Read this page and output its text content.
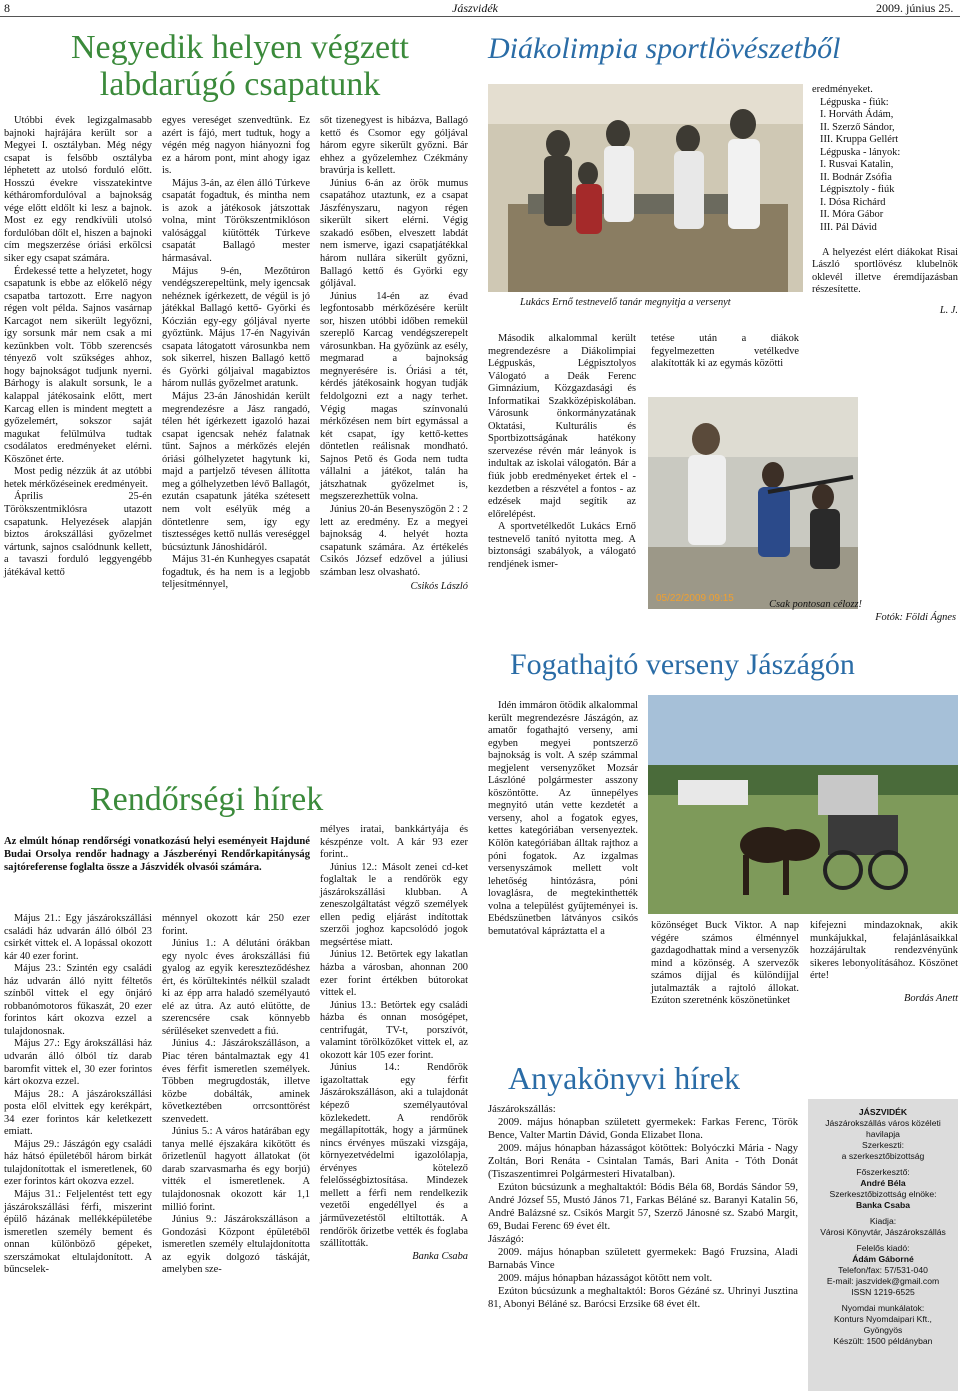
8	Jászvidék	2009. június 25.
Negyedik helyen végzett labdarúgó csapatunk

Utóbbi évek legizgalmasabb bajnoki hajrájára került sor a Megyei I. osztályban. Még négy csapat is felsőbb osztályba léphetett az utolsó forduló előtt. Hosszú évekre visszatekintve kétháromfordulóval a bajnokság vége előtt eldőlt ki lesz a bajnok. Most ez egy rendkívüli utolsó fordulóban dőlt el, hiszen a bajnoki cím megszerzése óriási erkölcsi siker egy csapat számára.

Érdekessé tette a helyzetet, hogy csapatunk is ebbe az előkelő négy csapatba tartozott. Erre nagyon régen volt példa. Sajnos vasárnap Karcagot nem sikerült legyőzni, így sorsunk már nem csak a mi kezünkben volt. Több szerencsés tényező volt szükséges ahhoz, hogy bajnokságot tudjunk nyerni. Bárhogy is alakult sorsunk, le a kalappal játékosaink előtt, mert Karcag ellen is mindent megtett a győzelemért, sokszor saját magukat felülmúlva tudtak csodálatos eredményeket elérni. Köszönet érte.

Most pedig nézzük át az utóbbi hetek mérkőzéseinek eredményeit.

Április 25-én Törökszentmiklósra utazott csapatunk. Helyezések alapján biztos árokszállási győzelmet vártunk, sajnos csalódnunk kellett, a tavaszi forduló leggyengébb játékával kettő

egyes vereséget szenvedtünk. Ez azért is fájó, mert tudtuk, hogy a végén még nagyon hiányozni fog ez a három pont, mint ahogy igaz is.

Május 3-án, az élen álló Túrkeve csapatát fogadtuk, és mintha nem is azok a játékosok játszottak volna, mint Törökszentmiklóson valósággal kiütötték Túrkeve csapatát Ballagó mester hármasával.

Május 9-én, Mezőtúron vendégszerepeltünk, mely igencsak nehéznek ígérkezett, de végül is jó játékkal Ballagó kettő- Györki és Kóczián egy-egy góljával nyerte győztünk. Május 17-én Nagyiván csapata látogatott városunkba nem sok sikerrel, hiszen Ballagó kettő és Györki góljaival magabiztos három nullás győzelmet aratunk.

Május 23-án Jánoshidán került megrendezésre a Jász rangadó, télen hét ígérkezett igazoló hazai csapat igencsak nehéz falatnak tűnt. Sajnos a mérkőzés elején óriási gólhelyzetet hagytunk ki, majd a partjelző tévesen állította meg a gólhelyzetben lévő Ballagót, ezután csapatunk játéka szétesett nem volt esélyük még a döntetlenre sem, így egy tisztességes kettő nullás vereséggel búcsúztunk Jánoshidáról.

Május 31-én Kunhegyes csapatát fogadtuk, és ha nem is a legjobb teljesítménnyel,

sőt tizenegyest is hibázva, Ballagó kettő és Csomor egy góljával három egyre sikerült győzni. Bár ehhez a győzelemhez Czékmány bravúrja is kellett.

Június 6-án az örök mumus csapatához utaztunk, ez a csapat Jászfényszaru, nagyon régen sikerült sikert elérni. Végig szakadó esőben, elveszett labdát nem ismerve, igazi csapatjátékkal három nullára sikerült győzni, Ballagó kettő és Györki egy góljával.

Június 14-én az évad legfontosabb mérkőzésére került sor, hiszen utóbbi időben remekül szereplő Karcag vendégszerepelt városunkban. Ha győzünk az esély, megmarad a bajnokság megnyerésére is. Óriási a tét, kérdés játékosaink hogyan tudják feldolgozni ezt a nagy terhet. Végig magas színvonalú mérkőzésen nem bírt egymással a két csapat, így kettő-kettes döntetlen reálisnak mondható. Sajnos Pető és Goda nem tudta vállalni a játékot, talán ha játszhatnak győzelmet is, megszerezhettük volna.

Június 20-án Besenyszögön 2 : 2 lett az eredmény. Ez a megyei bajnokság 4. helyét hozta csapatunk számára. Az értékelés Csikós József edzővel a júliusi számban lesz olvasható.

Csikós László
Diákolimpia sportlövészetből
Lukács Ernő testnevelő tanár megnyitja a versenyt

Második alkalommal került megrendezésre a Diákolimpiai Légpuskás, Légpisztolyos Válogató a Deák Ferenc Gimnázium, Közgazdasági és Informatikai Szakközépiskolában. Városunk önkormányzatának Oktatási, Kulturális és Sportbizottságának hatékony szervezése révén már leányok is indultak az iskolai válogatón. Bár a fiúk jobb eredményeket értek el - kezdetben a részvétel a fontos - az edzések majd segítik az előrelépést.

A sportvetélkedőt Lukács Ernő testnevelő tanító nyitotta meg. A biztonsági szabályok, a válogató rendjének ismer-

tetése után a diákok fegyelmezetten vetélkedve alakították ki az egymás közötti

05/22/2009 09:15
Csak pontosan célozz!
Fotók: Földi Ágnes
eredményeket.
Légpuska - fiúk:
I. Horváth Ádám,
II. Szerző Sándor,
III. Kruppa Gellért
Légpuska - lányok:
I. Rusvai Katalin,
II. Bodnár Zsófia
Légpisztoly - fiúk
I. Dósa Richárd
II. Móra Gábor
III. Pál Dávid

A helyezést elért diákokat Risai László sportlövész klubelnök oklevél illetve éremdíjazásban részesítette.

L. J.
Fogathajtó verseny Jászágón

Idén immáron ötödik alkalommal került megrendezésre Jászágón, az amatőr fogathajtó verseny, ami egyben megyei pontszerző bajnokság is volt. A szép számmal megjelent versenyzőket Mozsár Lászlóné polgármester asszony köszöntötte. Az ünnepélyes megnyitó után vette kezdetét a verseny, ahol a fogatok egyes, kettes kategóriában versenyeztek. Kölön kategóriában álltak rajthoz a póni fogatok. Az izgalmas versenyszámok mellett volt lehetőség hintózásra, póni lovaglásra, de megtekinthették volna a települést gyűjteményei is. Ebédszünetben látványos csikós bemutatóval kápráztatta el a

közönséget Buck Viktor. A nap végére számos élménnyel gazdagodhattak mind a versenyzők mind a közönség. A szervezők számos díjjal és különdíjjal jutalmazták a rajtoló állokat. Ezúton szeretnénk köszönetünket

kifejezni mindazoknak, akik munkájukkal, felajánlásaikkal hozzájárultak rendezvényünk sikeres lebonyolításához. Köszönet érte!

Bordás Anett
Rendőrségi hírek
Az elmúlt hónap rendőrségi vonatkozású helyi eseményeit Hajduné Budai Orsolya rendőr hadnagy a Jászberényi Rendőrkapitányság sajtóreferense foglalta össze a Jászvidék olvasói számára.

Május 21.: Egy jászárokszállási családi ház udvarán álló ólból 23 csirkét vittek el. A lopással okozott kár 40 ezer forint.

Május 23.: Szintén egy családi ház udvarán álló nyitt féltetős színből vittek el egy önjáró robbanómotoros fűkaszát, 20 ezer forintos kárt okozva ezzel a tulajdonosnak.

Május 27.: Egy árokszállási ház udvarán álló ólból tíz darab baromfit vittek el, 30 ezer forintos kárt okozva ezzel.

Május 28.: A jászárokszállási posta elől elvittek egy kerékpárt, 34 ezer forintos kár keletkezett emiatt.

Május 29.: Jászágón egy családi ház hátsó épületéből három birkát tulajdonítottak el ismeretlenek, 60 ezer forintos kárt okozva ezzel.

Május 31.: Feljelentést tett egy jászárokszállási férfi, miszerint épülő házának mellékképületébe ismeretlen személy bement és onnan különböző gépeket, szerszámokat eltulajdonított. A bűncselek-

ménnyel okozott kár 250 ezer forint.

Június 1.: A délutáni órákban egy nyolc éves árokszállási fiú gyalog az egyik kereszteződéshez ért, és körültekintés nélkül szaladt ki az épp arra haladó személyautó elé az útra. Az autó elütötte, de szerencsére csak könnyebb sérüléseket szenvedett a fiú.

Június 4.: Jászárokszálláson, a Piac téren bántalmaztak egy 41 éves férfit ismeretlen személyek. Többen megrugdosták, illetve közbe dobálták, aminek következtében orrcsonttörést szenvedett.

Június 5.: A város határában egy tanya mellé éjszakára kikötött és őrizetlenül hagyott állatokat (öt darab szarvasmarha és egy borjú) vitték el ismeretlenek. A tulajdonosnak okozott kár 1,1 millió forint.

Június 9.: Jászárokszálláson a Gondozási Központ épületéből ismeretlen személy eltulajdonította az egyik dolgozó táskáját, amelyben sze-

mélyes iratai, bankkártyája és készpénze volt. A kár 93 ezer forint..

Június 12.: Másolt zenei cd-ket foglaltak le a rendőrök egy jászárokszállási klubban. A zeneszolgáltatást végző személyek ellen pedig eljárást indítottak szerzői joghoz kapcsolódó jogok megsértése miatt.

Június 12. Betörtek egy lakatlan házba a városban, ahonnan 200 ezer forint értékben bútorokat vittek el.

Június 13.: Betörtek egy családi házba és onnan mosógépet, centrifugát, TV-t, porszívót, valamint törölközőket vittek el, az okozott kár 105 ezer forint.

Június 14.: Rendőrök igazoltattak egy férfit Jászárokszálláson, aki a tulajdonát képező személyautóval közlekedett. A rendőrök megállapították, hogy a járműnek nincs érvényes műszaki vizsgája, környezetvédelmi igazolólapja, érvényes kötelező felelősségbiztosítása. Mindezek mellett a férfi nem rendelkezik vezetői engedéllyel és a járművezetéstől eltiltották. A rendőrök őrizetbe vették és foglaba szállították.

Banka Csaba
Anyakönyvi hírek

Jászárokszállás:

2009. május hónapban született gyermekek: Farkas Ferenc, Török Bence, Valter Martin Dávid, Gonda Elizabet Ilona.

2009. május hónapban házasságot kötöttek: Bolyóczki Mária - Nagy Zoltán, Bori Renáta - Csintalan Tamás, Bari Anita - Tóth Donát (Tiszaszentimrei Polgármesteri Hivatalban).

Ezúton búcsúzunk a meghaltaktól: Bódis Béla 68, Bordás Sándor 59, André József 55, Mustó János 71, Farkas Béláné sz. Baranyi Katalin 56, André Balázsné sz. Csikós Margit 57, Szerző Jánosné sz. Szabó Margit, 69, Budai Ferenc 69 évet élt.

Jászágó:

2009. május hónapban született gyermekek: Bagó Fruzsina, Aladi Barnabás Vince

2009. május hónapban házasságot kötött nem volt.

Ezúton búcsúzunk a meghaltaktól: Boros Gézáné sz. Uhrinyi Jusztina 81, Abonyi Béláné sz. Barócsi Erzsike 68 évet élt.

JÁSZVIDÉK
Jászárokszállás város közéleti
havilapja
Szerkeszti:
a szerkesztőbizottság

Főszerkesztő:
André Béla
Szerkesztőbizottság elnöke:
Banka Csaba

Kiadja:
Városi Könyvtár, Jászárokszállás

Felelős kiadó:
Ádám Gáborné
Telefon/fax: 57/531-040
E-mail: jaszvidek@gmail.com
ISSN 1219-6525

Nyomdai munkálatok:
Konturs Nyomdaipari Kft.,
Gyöngyös
Készült: 1500 példányban
